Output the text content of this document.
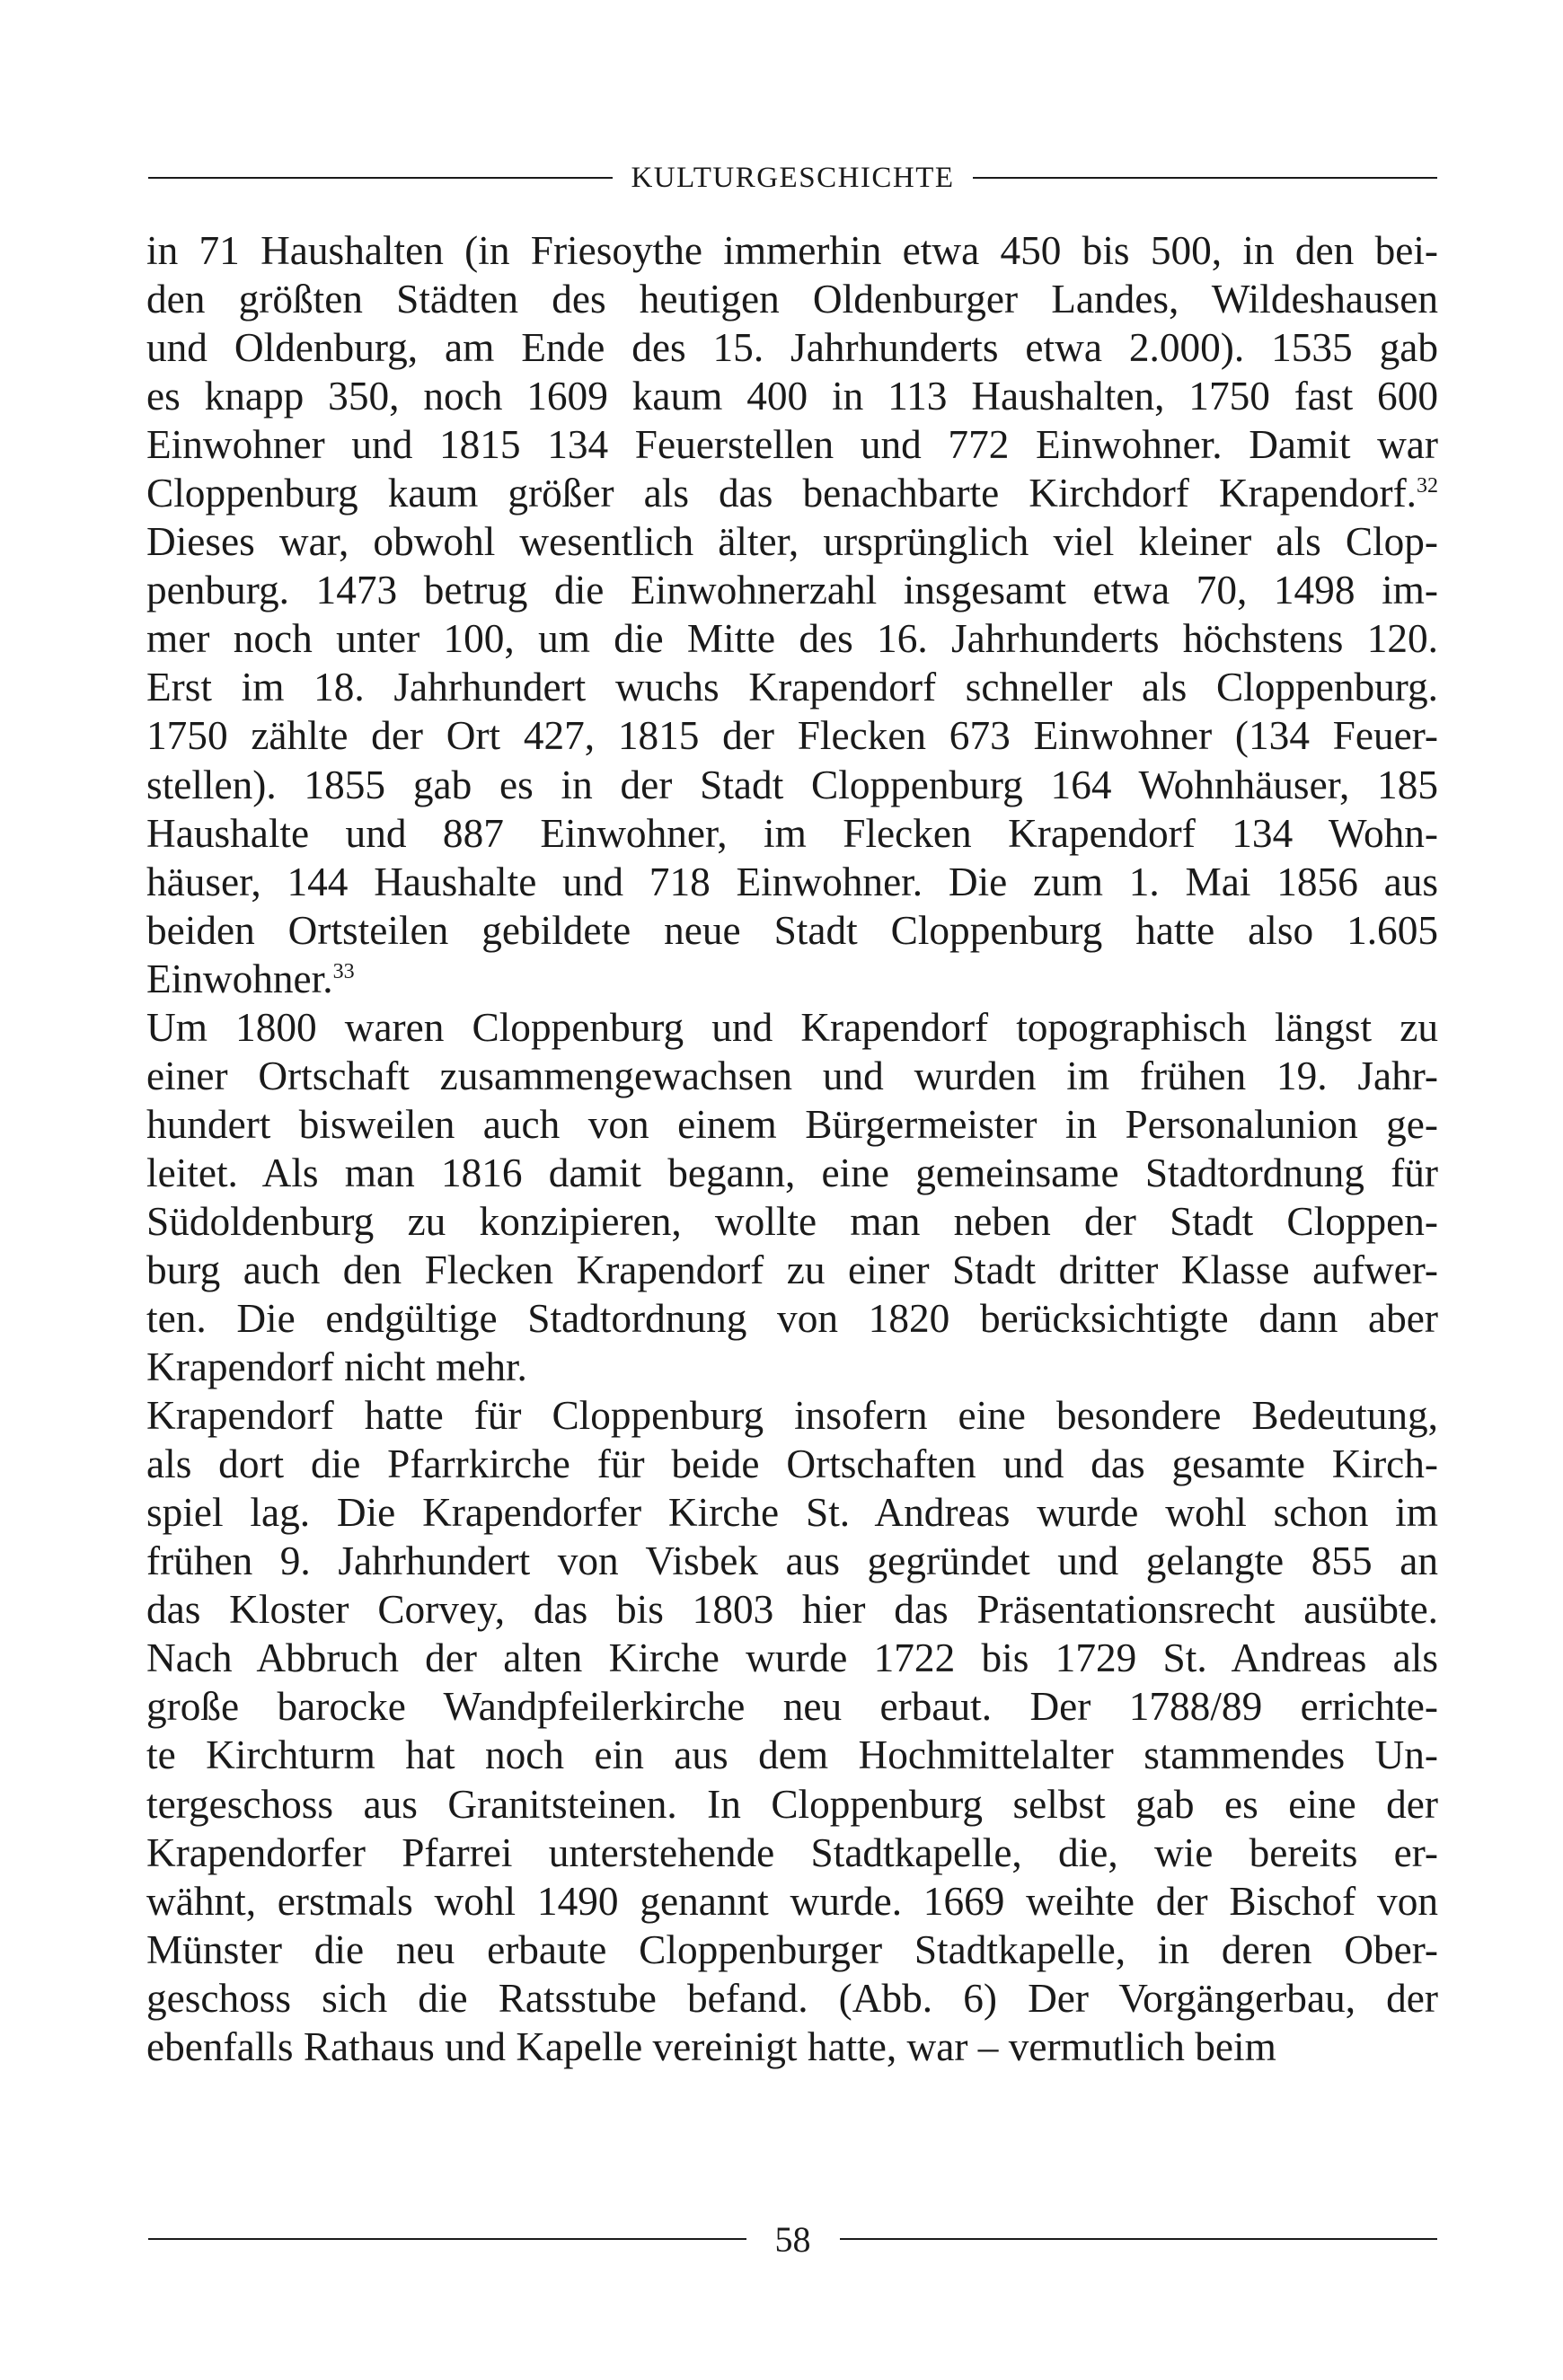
KULTURGESCHICHTE

in 71 Haushalten (in Friesoythe immerhin etwa 450 bis 500, in den bei-
den größten Städten des heutigen Oldenburger Landes, Wildeshausen
und Oldenburg, am Ende des 15. Jahrhunderts etwa 2.000). 1535 gab
es knapp 350, noch 1609 kaum 400 in 113 Haushalten, 1750 fast 600
Einwohner und 1815 134 Feuerstellen und 772 Einwohner. Damit war
Cloppenburg kaum größer als das benachbarte Kirchdorf Krapendorf.$^{32}$
Dieses war, obwohl wesentlich älter, ursprünglich viel kleiner als Clop-
penburg. 1473 betrug die Einwohnerzahl insgesamt etwa 70, 1498 im-
mer noch unter 100, um die Mitte des 16. Jahrhunderts höchstens 120.
Erst im 18. Jahrhundert wuchs Krapendorf schneller als Cloppenburg.
1750 zählte der Ort 427, 1815 der Flecken 673 Einwohner (134 Feuer-
stellen). 1855 gab es in der Stadt Cloppenburg 164 Wohnhäuser, 185
Haushalte und 887 Einwohner, im Flecken Krapendorf 134 Wohn-
häuser, 144 Haushalte und 718 Einwohner. Die zum 1. Mai 1856 aus
beiden Ortsteilen gebildete neue Stadt Cloppenburg hatte also 1.605
Einwohner.$^{33}$

Um 1800 waren Cloppenburg und Krapendorf topographisch längst zu
einer Ortschaft zusammengewachsen und wurden im frühen 19. Jahr-
hundert bisweilen auch von einem Bürgermeister in Personalunion ge-
leitet. Als man 1816 damit begann, eine gemeinsame Stadtordnung für
Südoldenburg zu konzipieren, wollte man neben der Stadt Cloppen-
burg auch den Flecken Krapendorf zu einer Stadt dritter Klasse aufwer-
ten. Die endgültige Stadtordnung von 1820 berücksichtigte dann aber
Krapendorf nicht mehr.

Krapendorf hatte für Cloppenburg insofern eine besondere Bedeutung,
als dort die Pfarrkirche für beide Ortschaften und das gesamte Kirch-
spiel lag. Die Krapendorfer Kirche St. Andreas wurde wohl schon im
frühen 9. Jahrhundert von Visbek aus gegründet und gelangte 855 an
das Kloster Corvey, das bis 1803 hier das Präsentationsrecht ausübte.
Nach Abbruch der alten Kirche wurde 1722 bis 1729 St. Andreas als
große barocke Wandpfeilerkirche neu erbaut. Der 1788/89 errichte-
te Kirchturm hat noch ein aus dem Hochmittelalter stammendes Un-
tergeschoss aus Granitsteinen. In Cloppenburg selbst gab es eine der
Krapendorfer Pfarrei unterstehende Stadtkapelle, die, wie bereits er-
wähnt, erstmals wohl 1490 genannt wurde. 1669 weihte der Bischof von
Münster die neu erbaute Cloppenburger Stadtkapelle, in deren Ober-
geschoss sich die Ratsstube befand. (Abb. 6) Der Vorgängerbau, der
ebenfalls Rathaus und Kapelle vereinigt hatte, war – vermutlich beim

58
